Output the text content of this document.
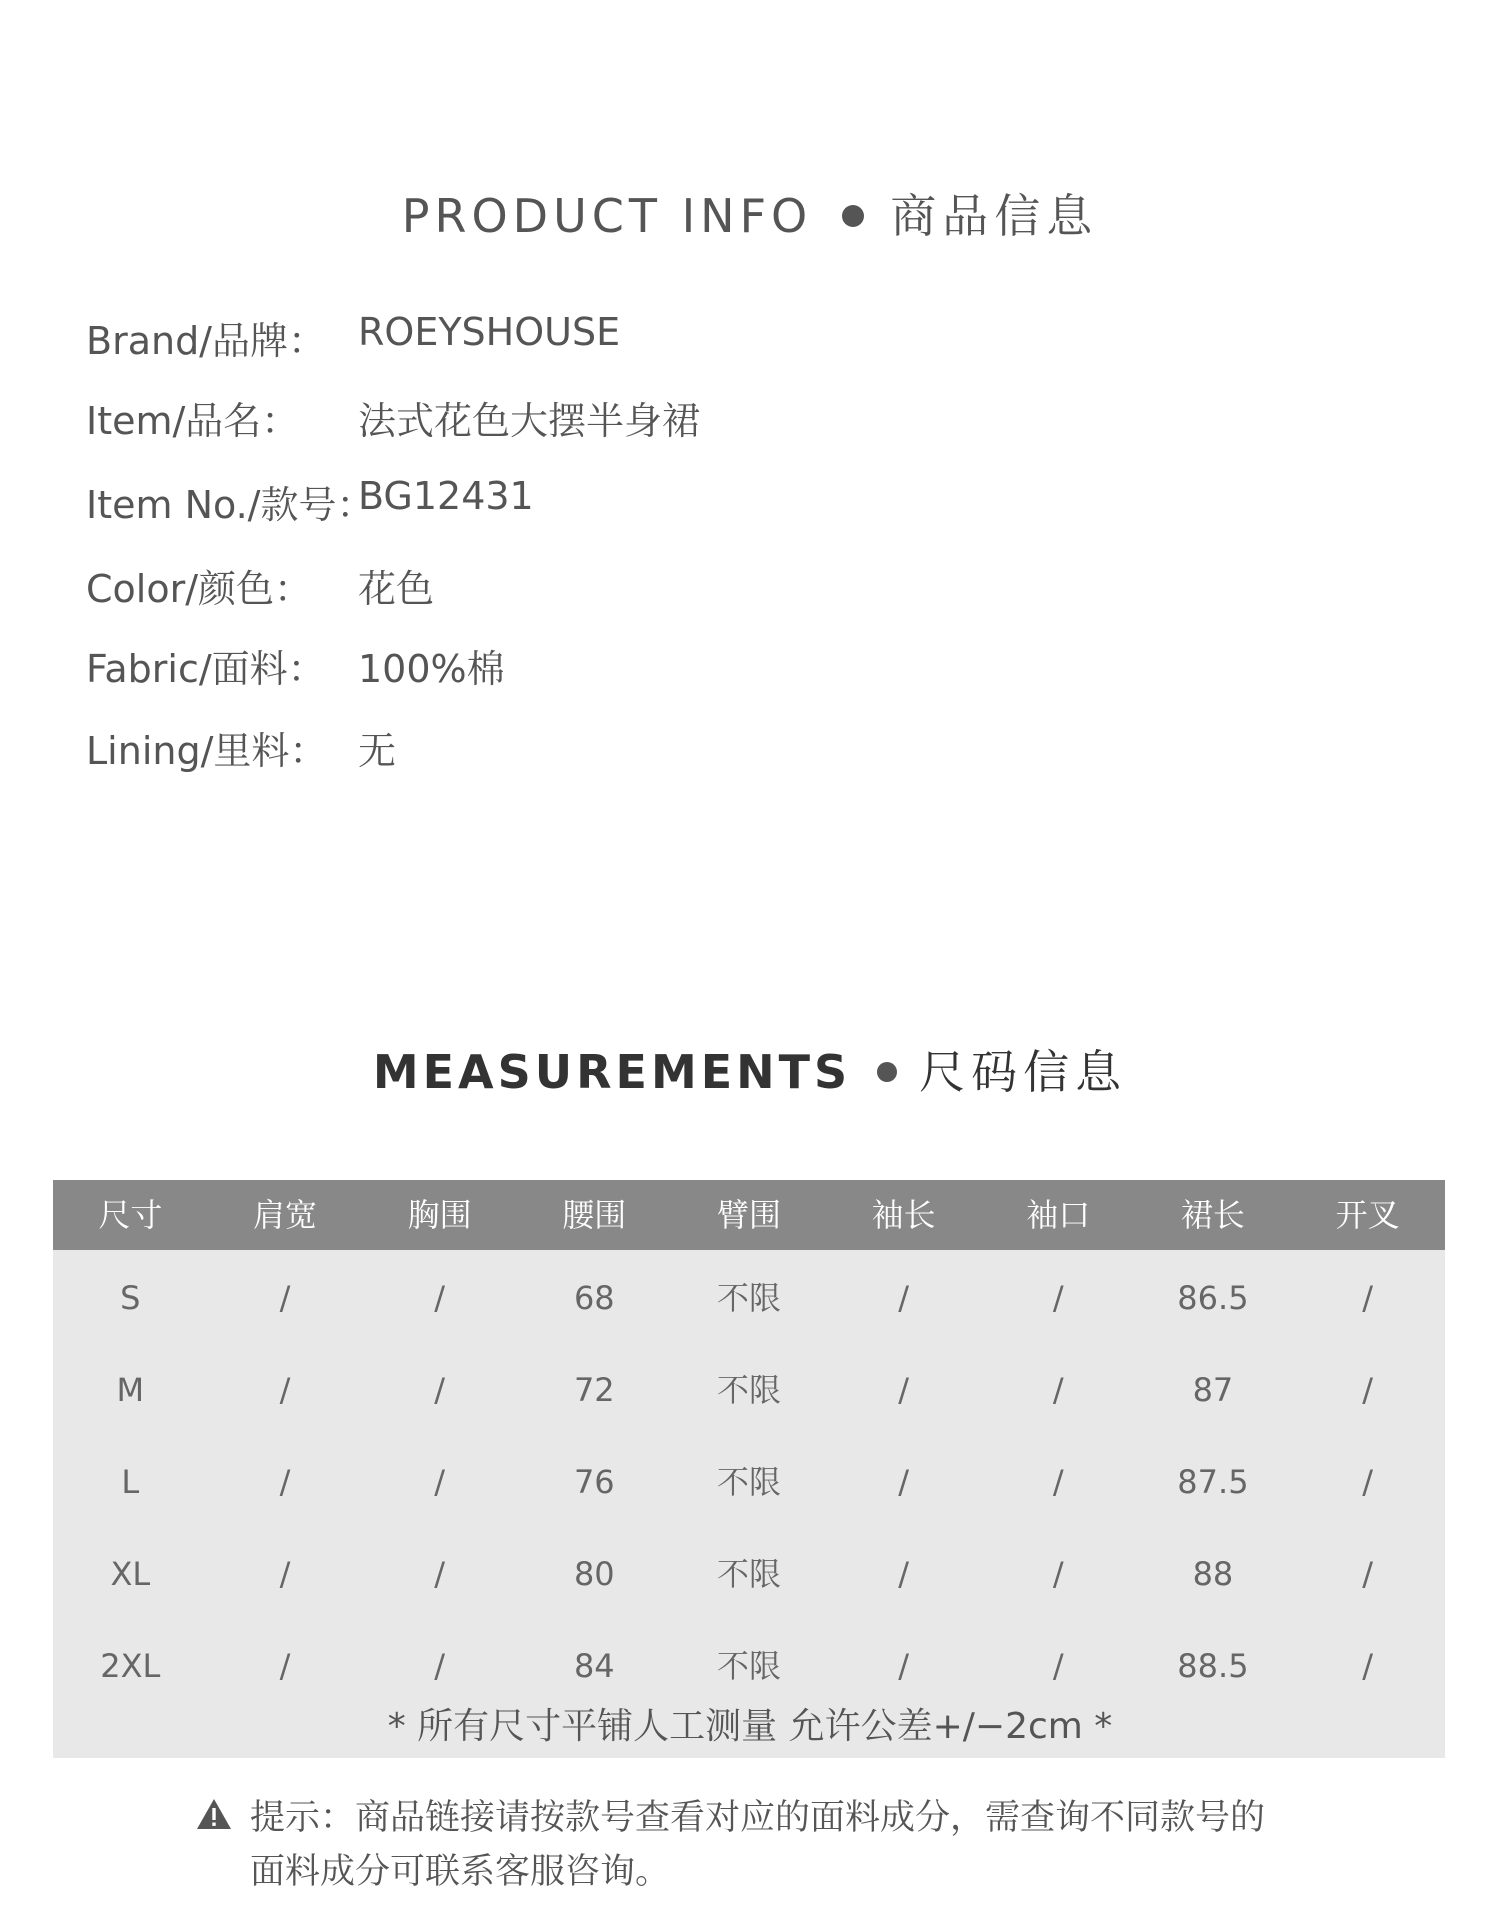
PRODUCT INFO 商品信息
Brand/品牌： ROEYSHOUSE
Item/品名： 法式花色大摆半身裙
Item No./款号：
BG12431
Color/颜色： 花色
Fabric/面料： 100%棉
Lining/里料： 无
MEASUREMENTS 尺码信息
尺寸	肩宽	胸围	腰围	臂围	袖长	袖口	裙长	开叉
S	/	/	68	不限	/	/	86.5	/
M	/	/	72	不限	/	/	87	/
L	/	/	76	不限	/	/	87.5	/
XL	/	/	80	不限	/	/	88	/
2XL	/	/	84	不限	/	/	88.5	/
* 所有尺寸平铺人工测量 允许公差+/−2cm *
提示：商品链接请按款号查看对应的面料成分，需查询不同款号的
面料成分可联系客服咨询。
